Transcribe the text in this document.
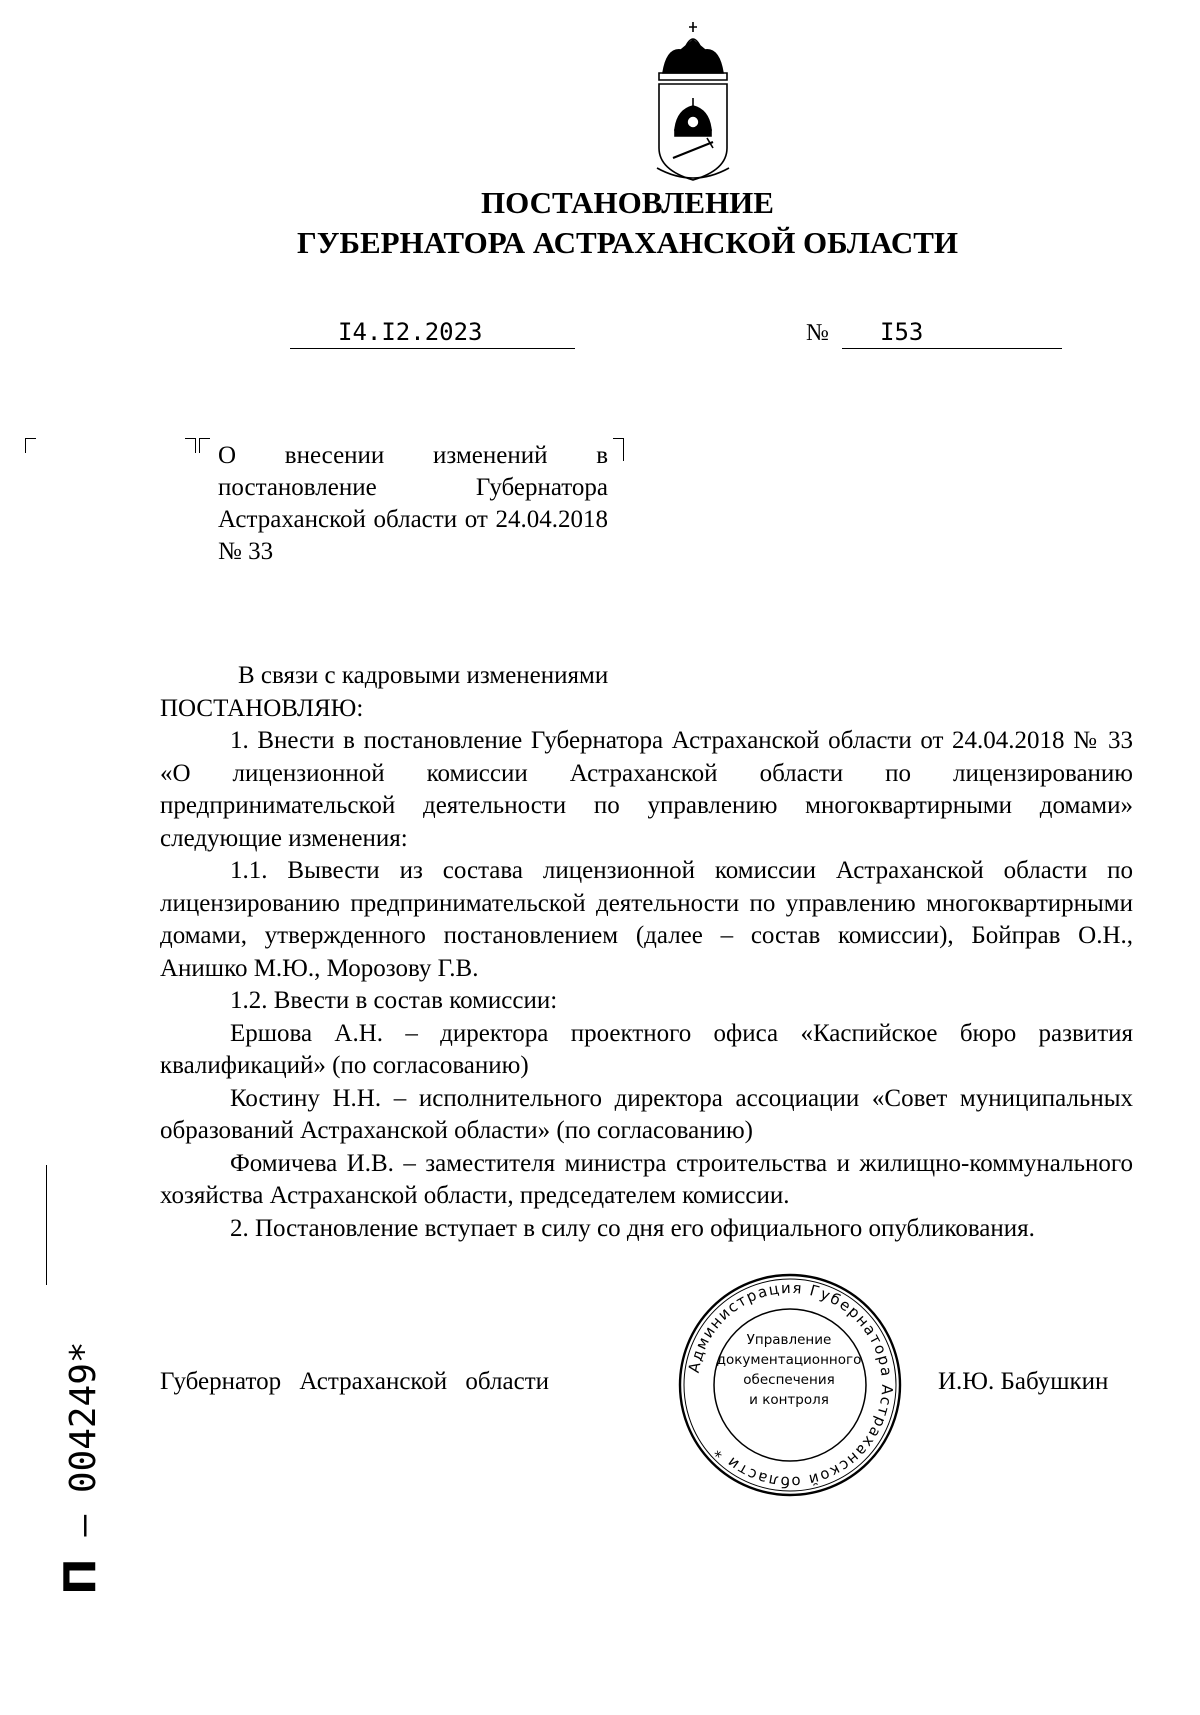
ПОСТАНОВЛЕНИЕ
ГУБЕРНАТОРА АСТРАХАНСКОЙ ОБЛАСТИ
I4.I2.2023	№ I53
О внесении изменений в постановление Губернатора Астраханской области от 24.04.2018 № 33

В связи с кадровыми изменениями

ПОСТАНОВЛЯЮ:

1. Внести в постановление Губернатора Астраханской области от 24.04.2018 № 33 «О лицензионной комиссии Астраханской области по лицензированию предпринимательской деятельности по управлению многоквартирными домами» следующие изменения:

1.1. Вывести из состава лицензионной комиссии Астраханской области по лицензированию предпринимательской деятельности по управлению многоквартирными домами, утвержденного постановлением (далее – состав комиссии), Бойправ О.Н., Анишко М.Ю., Морозову Г.В.

1.2. Ввести в состав комиссии:

Ершова А.Н. – директора проектного офиса «Каспийское бюро развития квалификаций» (по согласованию)

Костину Н.Н. – исполнительного директора ассоциации «Совет муниципальных образований Астраханской области» (по согласованию)

Фомичева И.В. – заместителя министра строительства и жилищно-коммунального хозяйства Астраханской области, председателем комиссии.

2. Постановление вступает в силу со дня его официального опубликования.

Губернатор Астраханской области	И.Ю. Бабушкин
Администрация Губернатора Астраханской области *
Управление
документационного
обеспечения
и контроля
П – 004249*
